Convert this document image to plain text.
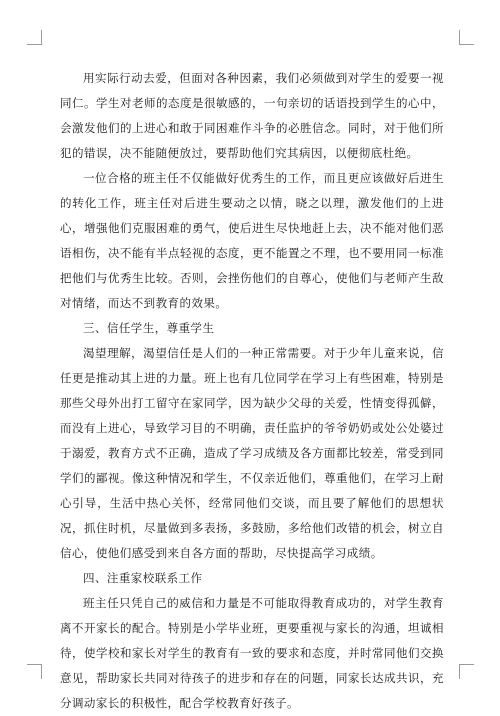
用实际行动去爱，但面对各种因素，我们必须做到对学生的爱要一视同仁。学生对老师的态度是很敏感的，一句亲切的话语投到学生的心中，会激发他们的上进心和敢于同困难作斗争的必胜信念。同时，对于他们所犯的错误，决不能随便放过，要帮助他们究其病因，以便彻底杜绝。

一位合格的班主任不仅能做好优秀生的工作，而且更应该做好后进生的转化工作，班主任对后进生要动之以情，晓之以理，激发他们的上进心，增强他们克服困难的勇气，使后进生尽快地赶上去，决不能对他们恶语相伤，决不能有半点轻视的态度，更不能置之不理，也不要用同一标准把他们与优秀生比较。否则，会挫伤他们的自尊心，使他们与老师产生敌对情绪，而达不到教育的效果。

三、信任学生，尊重学生

渴望理解，渴望信任是人们的一种正常需要。对于少年儿童来说，信任更是推动其上进的力量。班上也有几位同学在学习上有些困难，特别是那些父母外出打工留守在家同学，因为缺少父母的关爱，性情变得孤僻，而没有上进心，导致学习目的不明确，责任监护的爷爷奶奶或处公处婆过于溺爱，教育方式不正确，造成了学习成绩及各方面都比较差，常受到同学们的鄙视。像这种情况和学生，不仅亲近他们，尊重他们，在学习上耐心引导，生活中热心关怀，经常同他们交谈，而且要了解他们的思想状况，抓住时机，尽量做到多表扬，多鼓励，多给他们改错的机会，树立自信心，使他们感受到来自各方面的帮助，尽快提高学习成绩。

四、注重家校联系工作

班主任只凭自己的威信和力量是不可能取得教育成功的，对学生教育离不开家长的配合。特别是小学毕业班，更要重视与家长的沟通，坦诚相待，使学校和家长对学生的教育有一致的要求和态度，并时常同他们交换意见，帮助家长共同对待孩子的进步和存在的问题，同家长达成共识，充分调动家长的积极性，配合学校教育好孩子。
